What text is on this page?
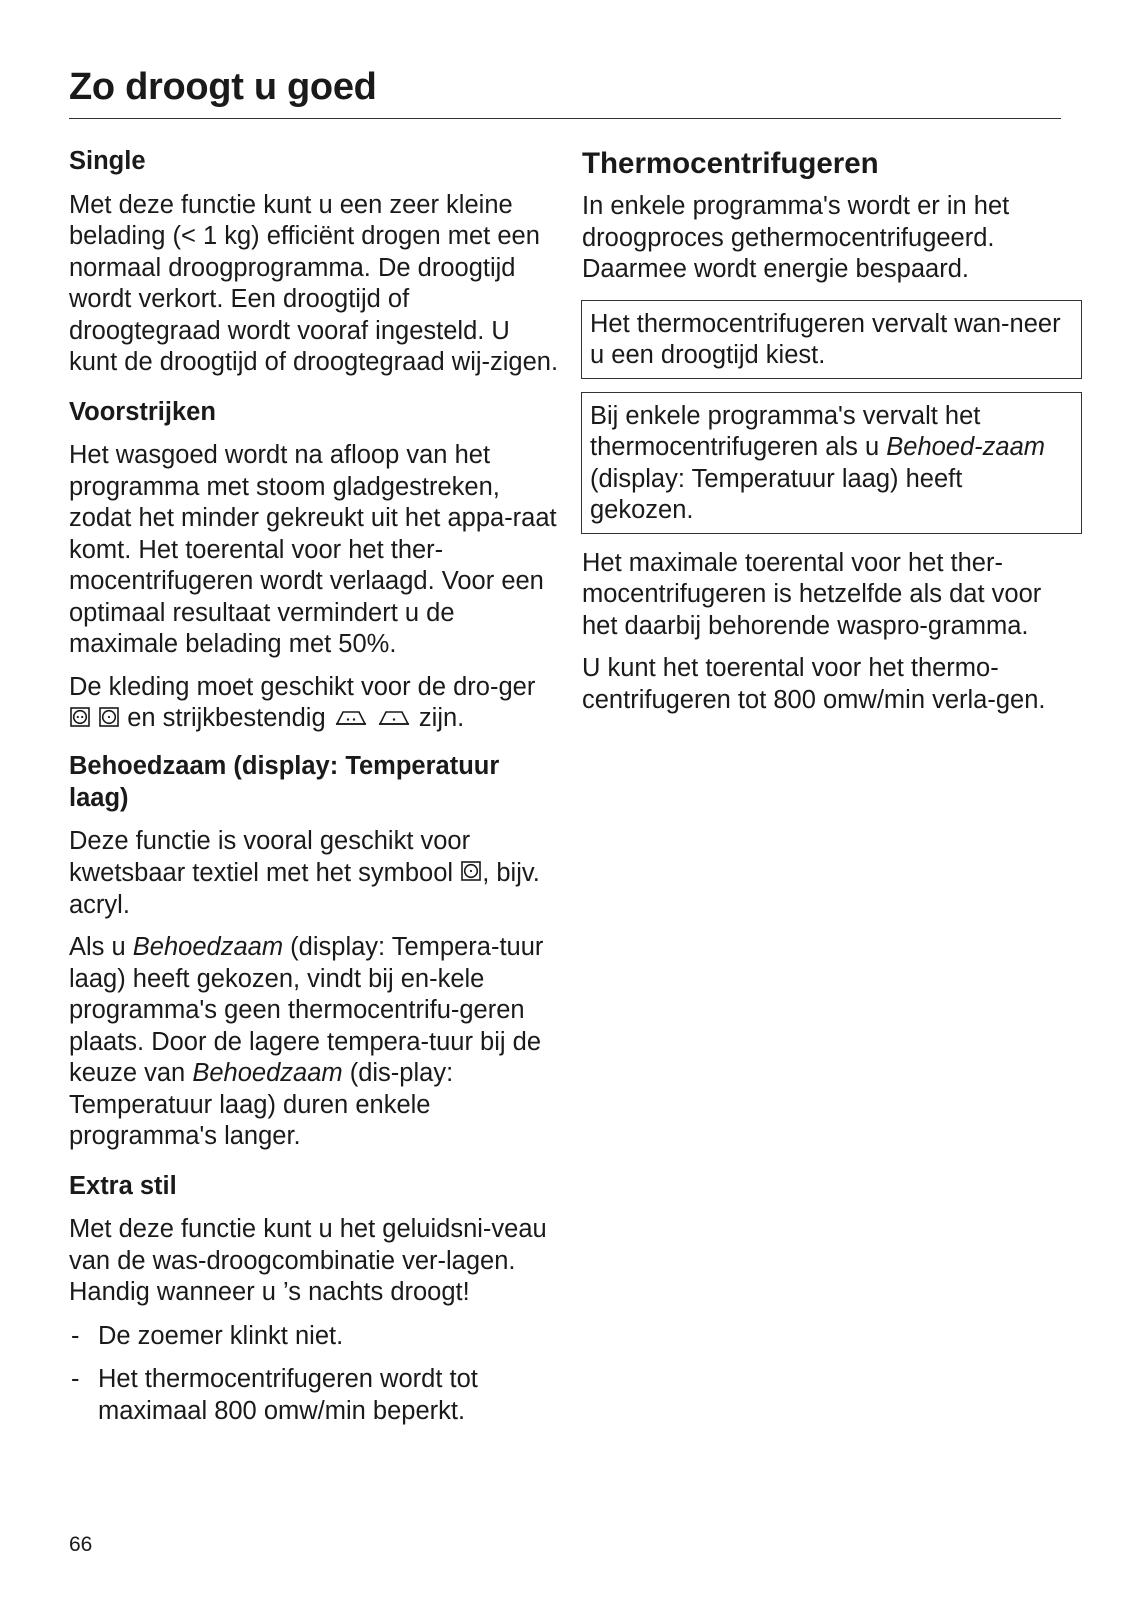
Zo droogt u goed

Single

Met deze functie kunt u een zeer kleine belading (< 1 kg) efficiënt drogen met een normaal droogprogramma. De droogtijd wordt verkort. Een droogtijd of droogtegraad wordt vooraf ingesteld. U kunt de droogtijd of droogtegraad wij-zigen.

Voorstrijken

Het wasgoed wordt na afloop van het programma met stoom gladgestreken, zodat het minder gekreukt uit het appa-raat komt. Het toerental voor het ther-mocentrifugeren wordt verlaagd. Voor een optimaal resultaat vermindert u de maximale belading met 50%.

De kleding moet geschikt voor de dro-ger   en strijkbestendig	zijn.

Behoedzaam (display: Temperatuur laag)

Deze functie is vooral geschikt voor kwetsbaar textiel met het symbool , bijv. acryl.

Als u Behoedzaam (display: Tempera-tuur laag) heeft gekozen, vindt bij en-kele programma's geen thermocentrifu-geren plaats. Door de lagere tempera-tuur bij de keuze van Behoedzaam (dis-play: Temperatuur laag) duren enkele programma's langer.

Extra stil

Met deze functie kunt u het geluidsni-veau van de was-droogcombinatie ver-lagen. Handig wanneer u ’s nachts droogt!

- De zoemer klinkt niet.

- Het thermocentrifugeren wordt tot maximaal 800 omw/min beperkt.

Thermocentrifugeren

In enkele programma's wordt er in het droogproces gethermocentrifugeerd. Daarmee wordt energie bespaard.

Het thermocentrifugeren vervalt wan-neer u een droogtijd kiest.

Bij enkele programma's vervalt het thermocentrifugeren als u Behoed-zaam (display: Temperatuur laag) heeft gekozen.

Het maximale toerental voor het ther-mocentrifugeren is hetzelfde als dat voor het daarbij behorende waspro-gramma.

U kunt het toerental voor het thermo-centrifugeren tot 800 omw/min verla-gen.

66
